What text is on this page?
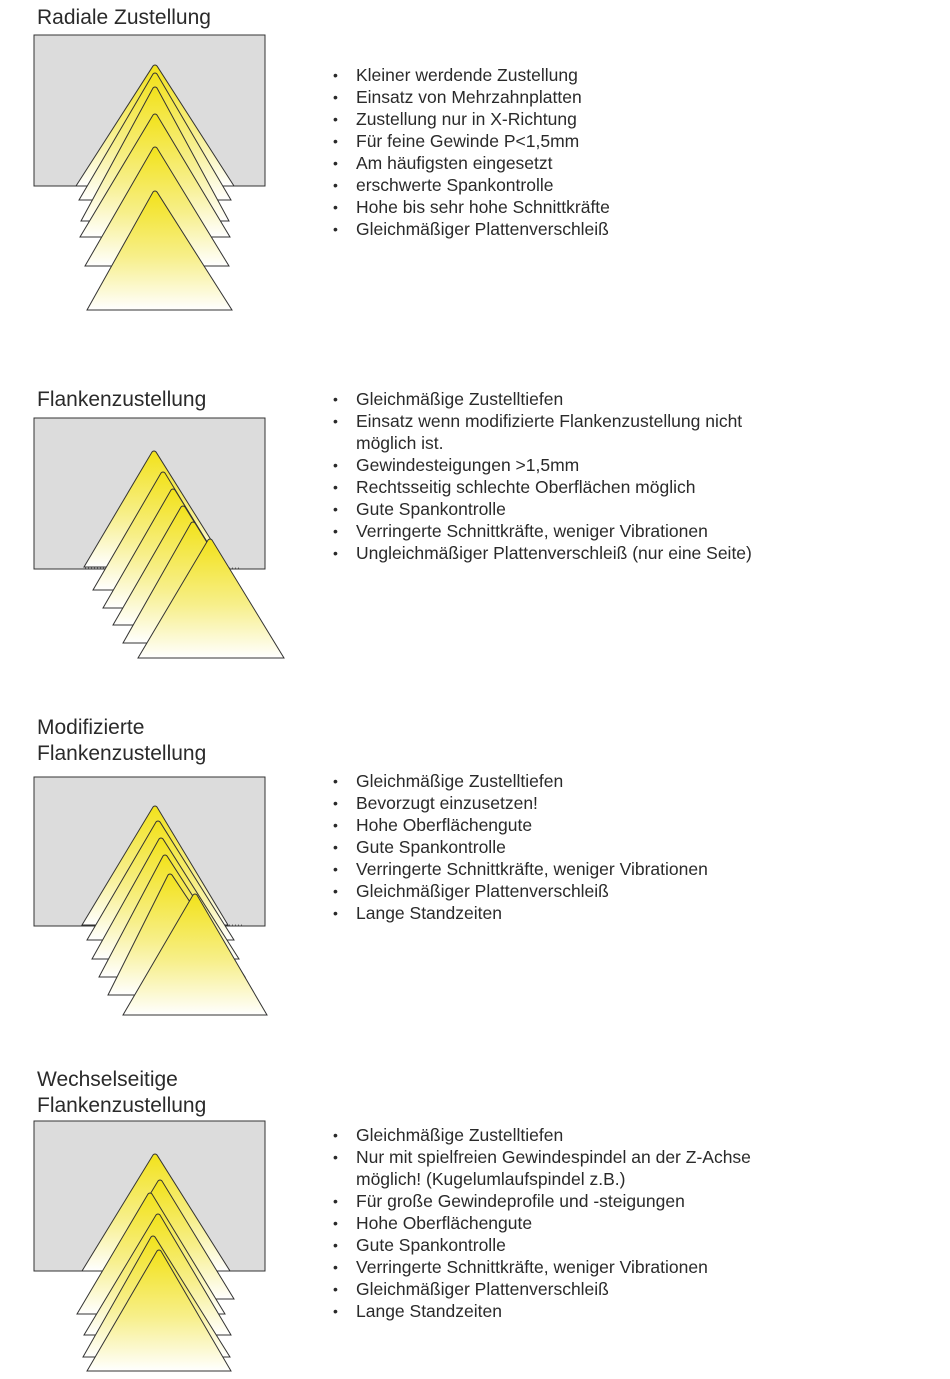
Radiale Zustellung
• Kleiner werdende Zustellung
• Einsatz von Mehrzahnplatten
• Zustellung nur in X-Richtung
• Für feine Gewinde P<1,5mm
• Am häufigsten eingesetzt
• erschwerte Spankontrolle
• Hohe bis sehr hohe Schnittkräfte
• Gleichmäßiger Plattenverschleiß
Flankenzustellung
•	Gleichmäßige Zustelltiefen
• Einsatz wenn modifizierte Flankenzustellung nicht
möglich ist.
• Gewindesteigungen >1,5mm
• Rechtsseitig schlechte Oberflächen möglich
• Gute Spankontrolle
• Verringerte Schnittkräfte, weniger Vibrationen
• Ungleichmäßiger Plattenverschleiß (nur eine Seite)
Modifizierte
Flankenzustellung
• Gleichmäßige Zustelltiefen
• Bevorzugt einzusetzen!
• Hohe Oberflächengute
• Gute Spankontrolle
• Verringerte Schnittkräfte, weniger Vibrationen
• Gleichmäßiger Plattenverschleiß
• Lange Standzeiten
Wechselseitige
Flankenzustellung
• Gleichmäßige Zustelltiefen
• Nur mit spielfreien Gewindespindel an der Z-Achse
möglich! (Kugelumlaufspindel z.B.)
• Für große Gewindeprofile und -steigungen
• Hohe Oberflächengute
• Gute Spankontrolle
• Verringerte Schnittkräfte, weniger Vibrationen
• Gleichmäßiger Plattenverschleiß
• Lange Standzeiten
